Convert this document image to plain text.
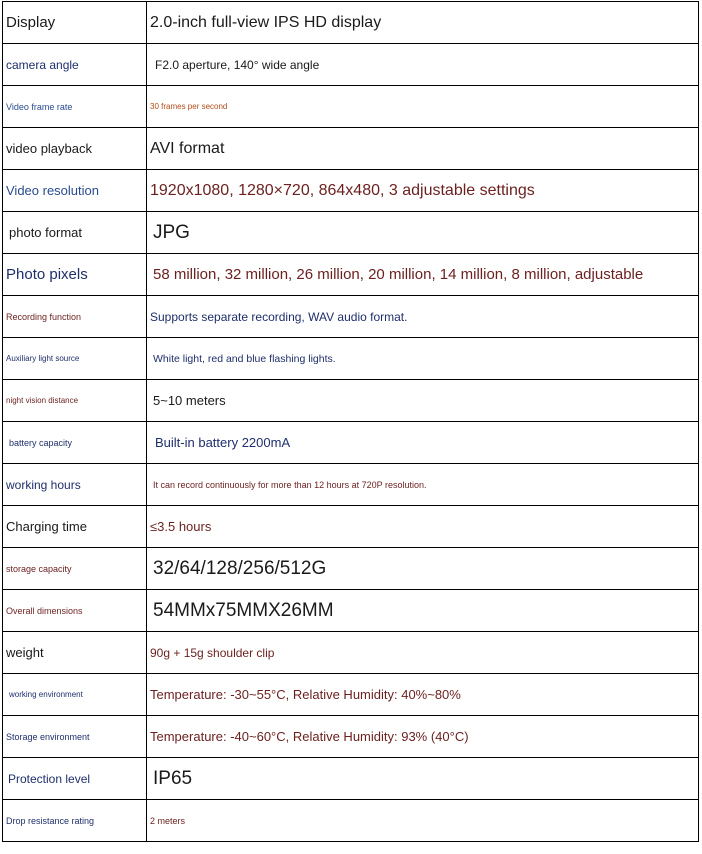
Display	2.0-inch full-view IPS HD display
camera angle	F2.0 aperture, 140° wide angle
Video frame rate	30 frames per second
video playback	AVI format
Video resolution	1920x1080, 1280×720, 864x480, 3 adjustable settings
photo format	JPG
Photo pixels	58 million, 32 million, 26 million, 20 million, 14 million, 8 million, adjustable
Recording function	Supports separate recording, WAV audio format.
Auxiliary light source	White light, red and blue flashing lights.
night vision distance	5~10 meters
battery capacity	Built-in battery 2200mA
working hours	It can record continuously for more than 12 hours at 720P resolution.
Charging time	≤3.5 hours
storage capacity	32/64/128/256/512G
Overall dimensions	54MMx75MMX26MM
weight	90g + 15g shoulder clip
working environment	Temperature: -30~55°C, Relative Humidity: 40%~80%
Storage environment	Temperature: -40~60°C, Relative Humidity: 93% (40°C)
Protection level	IP65
Drop resistance rating	2 meters
